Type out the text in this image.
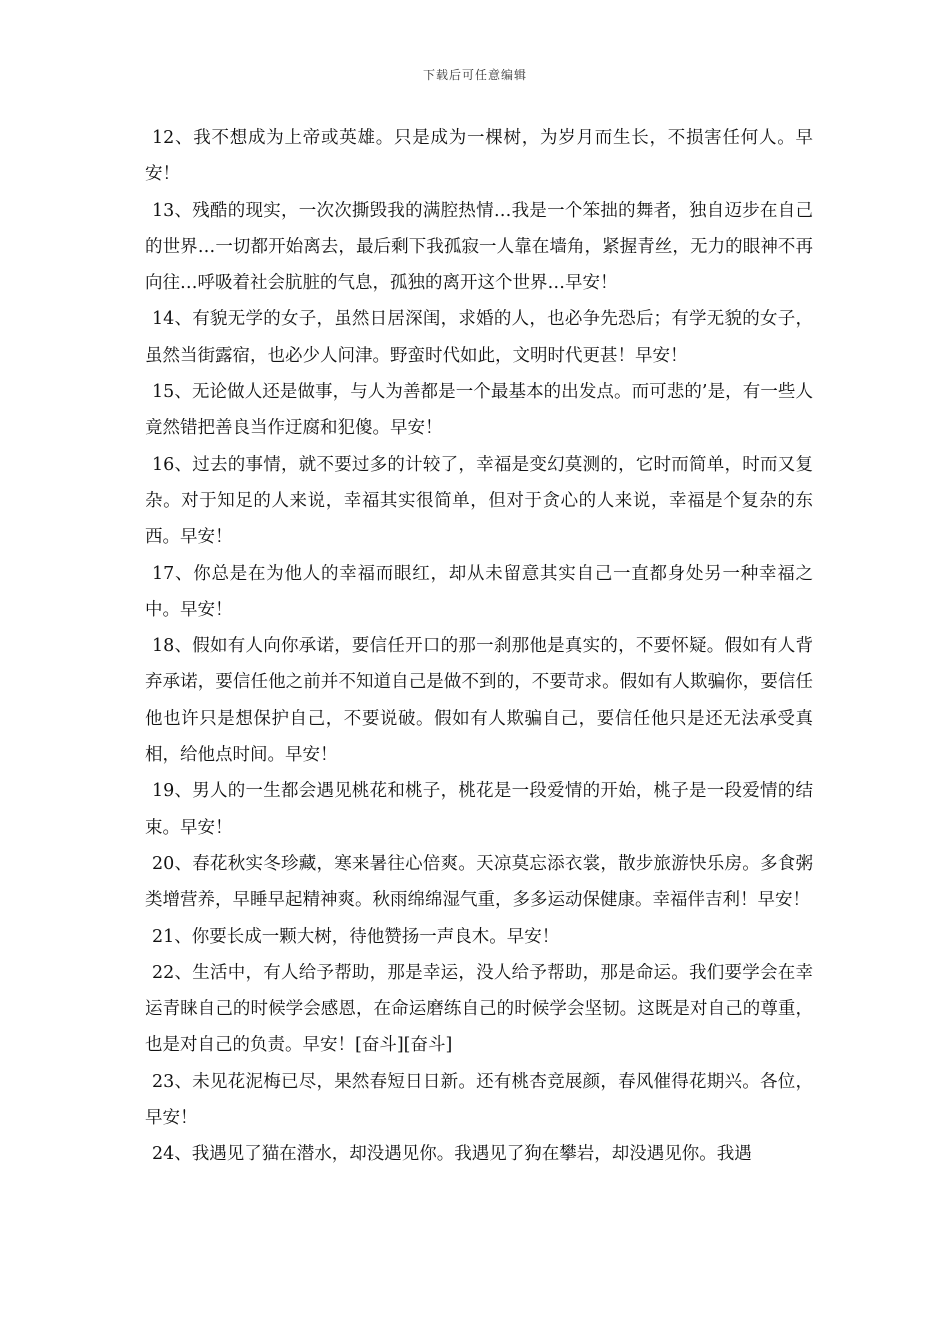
下载后可任意编辑

12、我不想成为上帝或英雄。只是成为一棵树，为岁月而生长，不损害任何人。早安！

13、残酷的现实，一次次撕毁我的满腔热情…我是一个笨拙的舞者，独自迈步在自己的世界…一切都开始离去，最后剩下我孤寂一人靠在墙角，紧握青丝，无力的眼神不再向往…呼吸着社会肮脏的气息，孤独的离开这个世界…早安！

14、有貌无学的女子，虽然日居深闺，求婚的人，也必争先恐后；有学无貌的女子，虽然当街露宿，也必少人问津。野蛮时代如此，文明时代更甚！早安！

15、无论做人还是做事，与人为善都是一个最基本的出发点。而可悲的’是，有一些人竟然错把善良当作迂腐和犯傻。早安！

16、过去的事情，就不要过多的计较了，幸福是变幻莫测的，它时而简单，时而又复杂。对于知足的人来说，幸福其实很简单，但对于贪心的人来说，幸福是个复杂的东西。早安！

17、你总是在为他人的幸福而眼红，却从未留意其实自己一直都身处另一种幸福之中。早安！

18、假如有人向你承诺，要信任开口的那一刹那他是真实的，不要怀疑。假如有人背弃承诺，要信任他之前并不知道自己是做不到的，不要苛求。假如有人欺骗你，要信任他也许只是想保护自己，不要说破。假如有人欺骗自己，要信任他只是还无法承受真相，给他点时间。早安！

19、男人的一生都会遇见桃花和桃子，桃花是一段爱情的开始，桃子是一段爱情的结束。早安！

20、春花秋实冬珍藏，寒来暑往心倍爽。天凉莫忘添衣裳，散步旅游快乐房。多食粥类增营养，早睡早起精神爽。秋雨绵绵湿气重，多多运动保健康。幸福伴吉利！早安！

21、你要长成一颗大树，待他赞扬一声良木。早安！

22、生活中，有人给予帮助，那是幸运，没人给予帮助，那是命运。我们要学会在幸运青睐自己的时候学会感恩，在命运磨练自己的时候学会坚韧。这既是对自己的尊重，也是对自己的负责。早安！[奋斗][奋斗]

23、未见花泥梅已尽，果然春短日日新。还有桃杏竞展颜，春风催得花期兴。各位，早安！

24、我遇见了猫在潜水，却没遇见你。我遇见了狗在攀岩，却没遇见你。我遇
